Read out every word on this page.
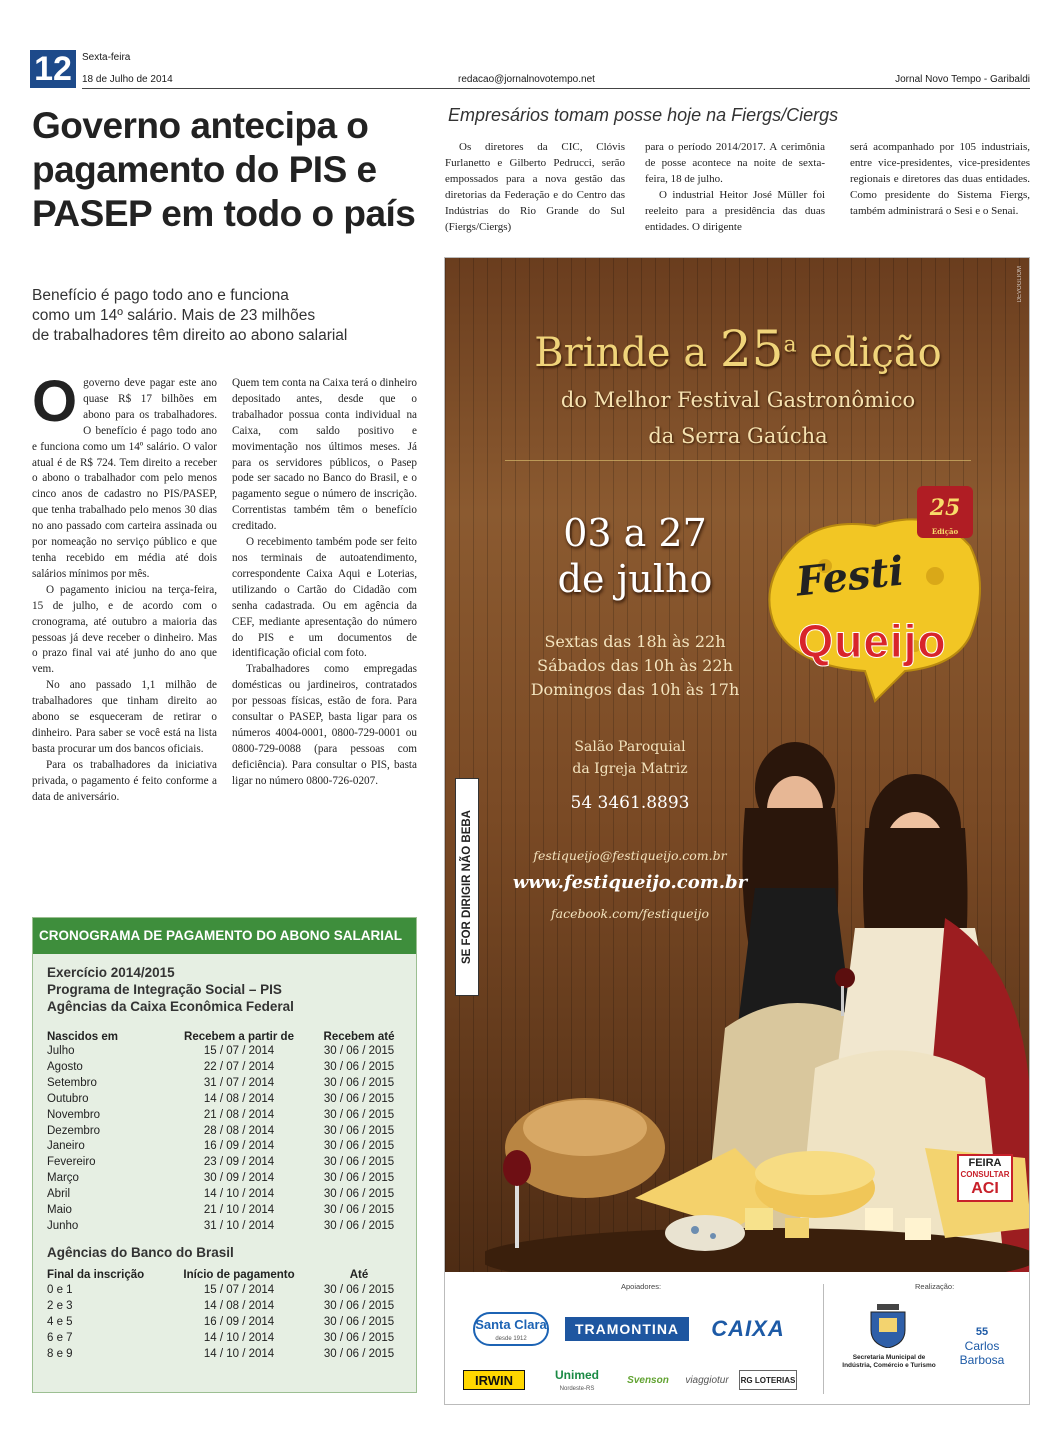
12	Sexta-feira
18 de Julho de 2014	redacao@jornalnovotempo.net	Jornal Novo Tempo - Garibaldi
Governo antecipa o
pagamento do PIS e
PASEP em todo o país
Benefício é pago todo ano e funciona
como um 14º salário. Mais de 23 milhões
de trabalhadores têm direito ao abono salarial

Ogoverno deve pagar este ano quase R$ 17 bilhões em abono para os trabalhadores. O benefício é pago todo ano e funciona como um 14º salário. O valor atual é de R$ 724. Tem direito a receber o abono o trabalhador com pelo menos cinco anos de cadastro no PIS/PASEP, que tenha trabalhado pelo menos 30 dias no ano passado com carteira assinada ou por nomeação no serviço público e que tenha recebido em média até dois salários mínimos por mês.

O pagamento iniciou na terça-feira, 15 de julho, e de acordo com o cronograma, até outubro a maioria das pessoas já deve receber o dinheiro. Mas o prazo final vai até junho do ano que vem.

No ano passado 1,1 milhão de trabalhadores que tinham direito ao abono se esqueceram de retirar o dinheiro. Para saber se você está na lista basta procurar um dos bancos oficiais.

Para os trabalhadores da iniciativa privada, o pagamento é feito conforme a data de aniversário.

Quem tem conta na Caixa terá o dinheiro depositado antes, desde que o trabalhador possua conta individual na Caixa, com saldo positivo e movimentação nos últimos meses. Já para os servidores públicos, o Pasep pode ser sacado no Banco do Brasil, e o pagamento segue o número de inscrição. Correntistas também têm o benefício creditado.

O recebimento também pode ser feito nos terminais de autoatendimento, correspondente Caixa Aqui e Loterias, utilizando o Cartão do Cidadão com senha cadastrada. Ou em agência da CEF, mediante apresentação do número do PIS e um documentos de identificação oficial com foto.

Trabalhadores como empregadas domésticas ou jardineiros, contratados por pessoas físicas, estão de fora. Para consultar o PASEP, basta ligar para os números 4004-0001, 0800-729-0001 ou 0800-729-0088 (para pessoas com deficiência). Para consultar o PIS, basta ligar no número 0800-726-0207.

CRONOGRAMA DE PAGAMENTO DO ABONO SALARIAL
Exercício 2014/2015
Programa de Integração Social – PIS
Agências da Caixa Econômica Federal
Nascidos em	Recebem a partir de	Recebem até
Julho	15 / 07 / 2014	30 / 06 / 2015
Agosto	22 / 07 / 2014	30 / 06 / 2015
Setembro	31 / 07 / 2014	30 / 06 / 2015
Outubro	14 / 08 / 2014	30 / 06 / 2015
Novembro	21 / 08 / 2014	30 / 06 / 2015
Dezembro	28 / 08 / 2014	30 / 06 / 2015
Janeiro	16 / 09 / 2014	30 / 06 / 2015
Fevereiro	23 / 09 / 2014	30 / 06 / 2015
Março	30 / 09 / 2014	30 / 06 / 2015
Abril	14 / 10 / 2014	30 / 06 / 2015
Maio	21 / 10 / 2014	30 / 06 / 2015
Junho	31 / 10 / 2014	30 / 06 / 2015
Agências do Banco do Brasil
Final da inscrição	Início de pagamento	Até
0 e 1	15 / 07 / 2014	30 / 06 / 2015
2 e 3	14 / 08 / 2014	30 / 06 / 2015
4 e 5	16 / 09 / 2014	30 / 06 / 2015
6 e 7	14 / 10 / 2014	30 / 06 / 2015
8 e 9	14 / 10 / 2014	30 / 06 / 2015
Empresários tomam posse hoje na Fiergs/Ciergs

Os diretores da CIC, Clóvis Furlanetto e Gilberto Pedrucci, serão empossados para a nova gestão das diretorias da Federação e do Centro das Indústrias do Rio Grande do Sul (Fiergs/Ciergs)

para o período 2014/2017. A cerimônia de posse acontece na noite de sexta-feira, 18 de julho.

O industrial Heitor José Müller foi reeleito para a presidência das duas entidades. O dirigente

será acompanhado por 105 industriais, entre vice-presidentes, vice-presidentes regionais e diretores das duas entidades. Como presidente do Sistema Fiergs, também administrará o Sesi e o Senai.

DEVOGLIOM
Brinde a 25$^a$ edição
do Melhor Festival Gastronômico
da Serra Gaúcha
Festi
Queijo
25
Edição
03 a 27
de julho
Sextas das 18h às 22h
Sábados das 10h às 22h
Domingos das 10h às 17h
Salão Paroquial
da Igreja Matriz
54 3461.8893
festiqueijo@festiqueijo.com.br
www.festiqueijo.com.br
facebook.com/festiqueijo
SE FOR DIRIGIR NÃO BEBA
FEIRA
CONSULTAR
ACI
Apoiadores:	Realização:
Santa Clara
desde 1912
TRAMONTINA	CAIXA
IRWIN	Unimed
Nordeste-RS
Svenson	viaggiotur	RG LOTERIAS
Secretaria Municipal de
Indústria, Comércio e Turismo
55
Carlos Barbosa
